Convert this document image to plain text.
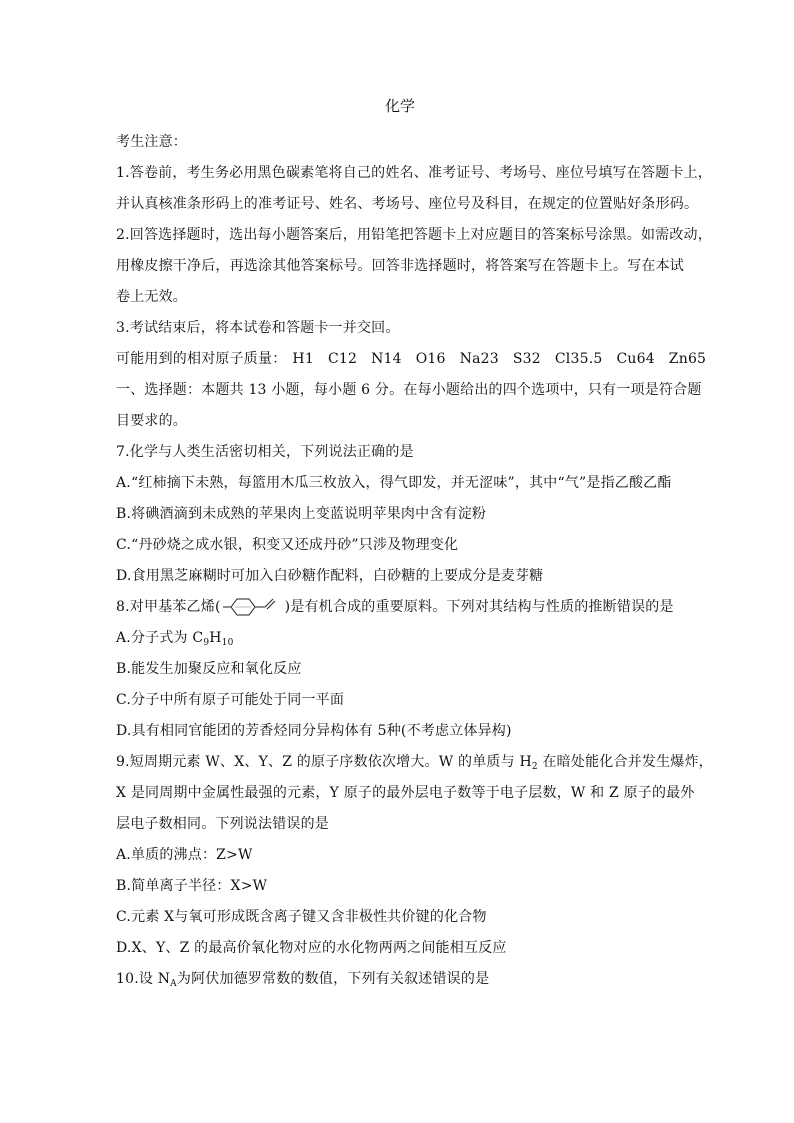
化学
考生注意：
1.答卷前，考生务必用黑色碳素笔将自己的姓名、准考证号、考场号、座位号填写在答题卡上，
并认真核准条形码上的准考证号、姓名、考场号、座位号及科目，在规定的位置贴好条形码。
2.回答选择题时，选出每小题答案后，用铅笔把答题卡上对应题目的答案标号涂黑。如需改动，
用橡皮擦干净后，再选涂其他答案标号。回答非选择题时，将答案写在答题卡上。写在本试
卷上无效。
3.考试结束后，将本试卷和答题卡一并交回。
可能用到的相对原子质量： H1 C12 N14 O16 Na23 S32 Cl35.5 Cu64 Zn65
一、选择题：本题共 13 小题，每小题 6 分。在每小题给出的四个选项中，只有一项是符合题
目要求的。
7.化学与人类生活密切相关，下列说法正确的是
A.“红柿摘下未熟，每篮用木瓜三枚放入，得气即发，并无涩味”，其中“气”是指乙酸乙酯
B.将碘酒滴到未成熟的苹果肉上变蓝说明苹果肉中含有淀粉
C.“丹砂烧之成水银，积变又还成丹砂”只涉及物理变化
D.食用黑芝麻糊时可加入白砂糖作配料，白砂糖的上要成分是麦芽糖
8.对甲基苯乙烯(	)是有机合成的重要原料。下列对其结构与性质的推断错误的是
A.分子式为 $C_9H_{10}$
B.能发生加聚反应和氧化反应
C.分子中所有原子可能处于同一平面
D.具有相同官能团的芳香烃同分异构体有 5种(不考虑立体异构)
9.短周期元素 W、X、Y、Z 的原子序数依次增大。W 的单质与 $H_2$ 在暗处能化合并发生爆炸，
X 是同周期中金属性最强的元素，Y 原子的最外层电子数等于电子层数，W 和 Z 原子的最外
层电子数相同。下列说法错误的是
A.单质的沸点：Z>W
B.简单离子半径：X>W
C.元素 X与氧可形成既含离子键又含非极性共价键的化合物
D.X、Y、Z 的最高价氧化物对应的水化物两两之间能相互反应
10.设 $N_A$为阿伏加德罗常数的数值，下列有关叙述错误的是
